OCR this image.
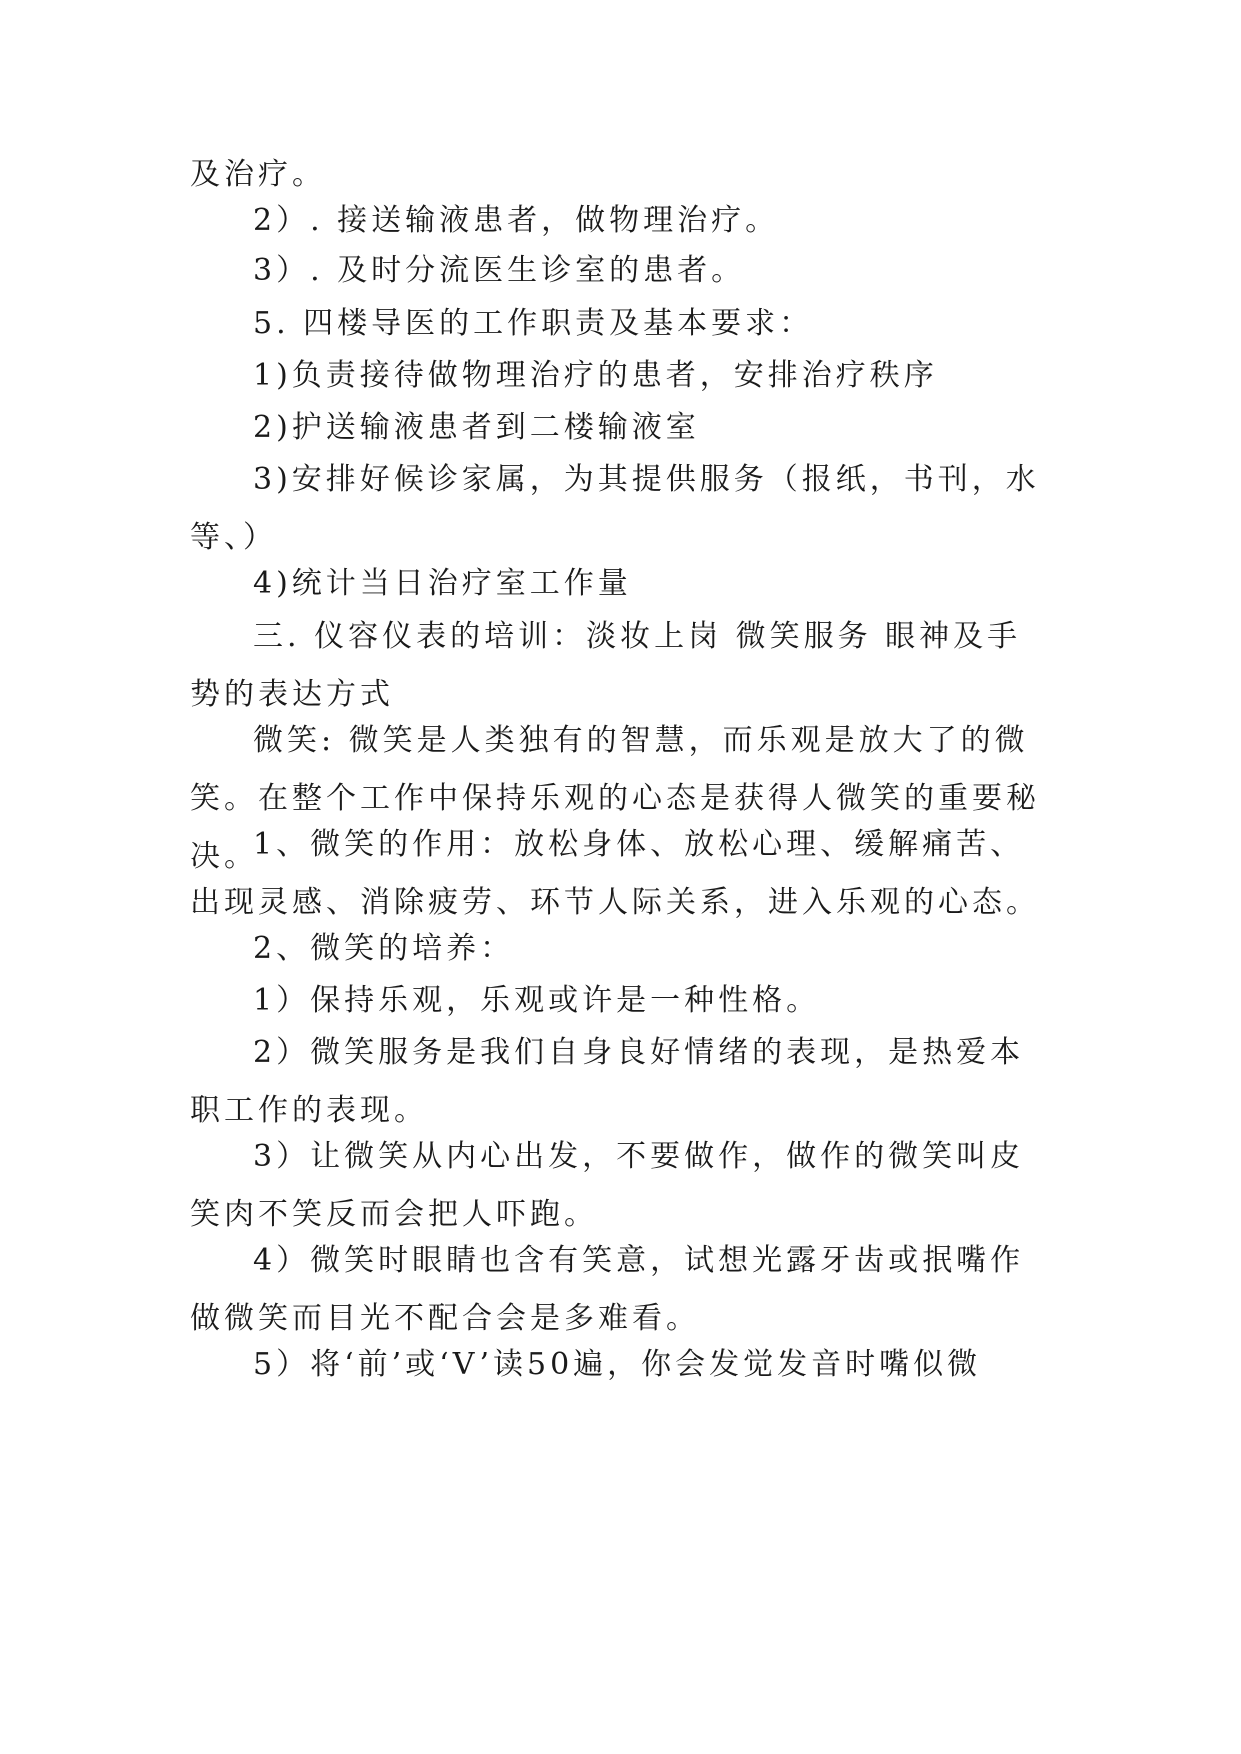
及治疗。

2）. 接送输液患者，做物理治疗。

3）. 及时分流医生诊室的患者。

5. 四楼导医的工作职责及基本要求：

1)负责接待做物理治疗的患者，安排治疗秩序

2)护送输液患者到二楼输液室

3)安排好候诊家属，为其提供服务（报纸，书刊，水等、）

4)统计当日治疗室工作量

三. 仪容仪表的培训：淡妆上岗 微笑服务 眼神及手势的表达方式

微笑: 微笑是人类独有的智慧，而乐观是放大了的微笑。在整个工作中保持乐观的心态是获得人微笑的重要秘决。

1、微笑的作用：放松身体、放松心理、缓解痛苦、出现灵感、消除疲劳、环节人际关系，进入乐观的心态。

2、微笑的培养：

1）保持乐观，乐观或许是一种性格。

2）微笑服务是我们自身良好情绪的表现，是热爱本职工作的表现。

3）让微笑从内心出发，不要做作，做作的微笑叫皮笑肉不笑反而会把人吓跑。

4）微笑时眼睛也含有笑意，试想光露牙齿或抿嘴作做微笑而目光不配合会是多难看。

5）将‘前’或‘V’读50遍，你会发觉发音时嘴似微
